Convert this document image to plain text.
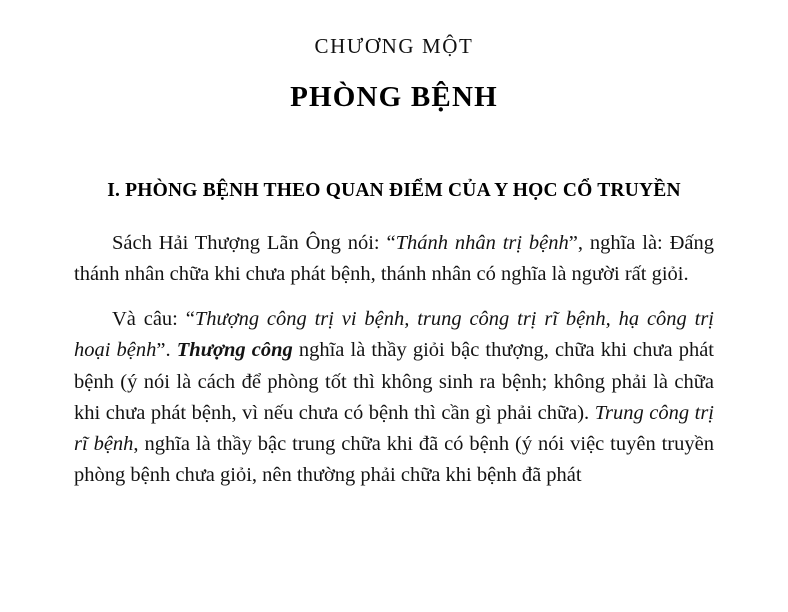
CHƯƠNG MỘT
PHÒNG BỆNH
I. PHÒNG BỆNH THEO QUAN ĐIỂM CỦA Y HỌC CỔ TRUYỀN

Sách Hải Thượng Lãn Ông nói: “Thánh nhân trị bệnh”, nghĩa là: Đấng thánh nhân chữa khi chưa phát bệnh, thánh nhân có nghĩa là người rất giỏi.

Và câu: “Thượng công trị vi bệnh, trung công trị rĩ bệnh, hạ công trị hoại bệnh”. Thượng công nghĩa là thầy giỏi bậc thượng, chữa khi chưa phát bệnh (ý nói là cách để phòng tốt thì không sinh ra bệnh; không phải là chữa khi chưa phát bệnh, vì nếu chưa có bệnh thì cần gì phải chữa). Trung công trị rĩ bệnh, nghĩa là thầy bậc trung chữa khi đã có bệnh (ý nói việc tuyên truyền phòng bệnh chưa giỏi, nên thường phải chữa khi bệnh đã phát
